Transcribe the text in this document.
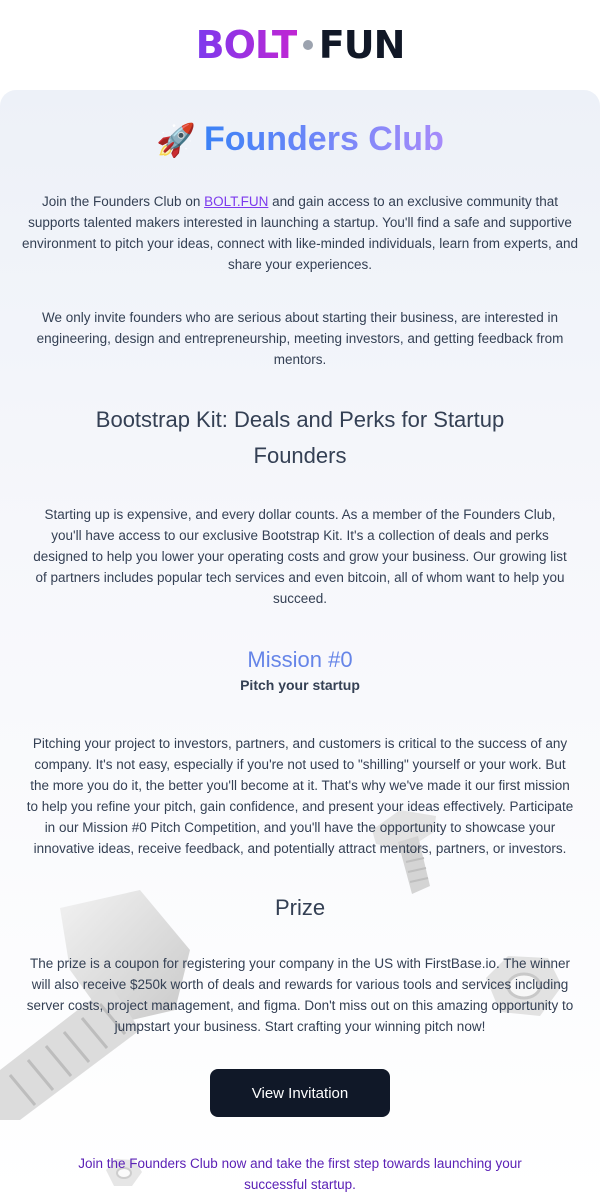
BOLT FUN
🚀 Founders Club

Join the Founders Club on BOLT.FUN and gain access to an exclusive community that supports talented makers interested in launching a startup. You'll find a safe and supportive environment to pitch your ideas, connect with like-minded individuals, learn from experts, and share your experiences.

We only invite founders who are serious about starting their business, are interested in engineering, design and entrepreneurship, meeting investors, and getting feedback from mentors.

Bootstrap Kit: Deals and Perks for Startup Founders

Starting up is expensive, and every dollar counts. As a member of the Founders Club, you'll have access to our exclusive Bootstrap Kit. It's a collection of deals and perks designed to help you lower your operating costs and grow your business. Our growing list of partners includes popular tech services and even bitcoin, all of whom want to help you succeed.

Mission #0
Pitch your startup

Pitching your project to investors, partners, and customers is critical to the success of any company. It's not easy, especially if you're not used to "shilling" yourself or your work. But the more you do it, the better you'll become at it. That's why we've made it our first mission to help you refine your pitch, gain confidence, and present your ideas effectively. Participate in our Mission #0 Pitch Competition, and you'll have the opportunity to showcase your innovative ideas, receive feedback, and potentially attract mentors, partners, or investors.

Prize

The prize is a coupon for registering your company in the US with FirstBase.io. The winner will also receive $250k worth of deals and rewards for various tools and services including server costs, project management, and figma. Don't miss out on this amazing opportunity to jumpstart your business. Start crafting your winning pitch now!

View Invitation

Join the Founders Club now and take the first step towards launching your successful startup.
